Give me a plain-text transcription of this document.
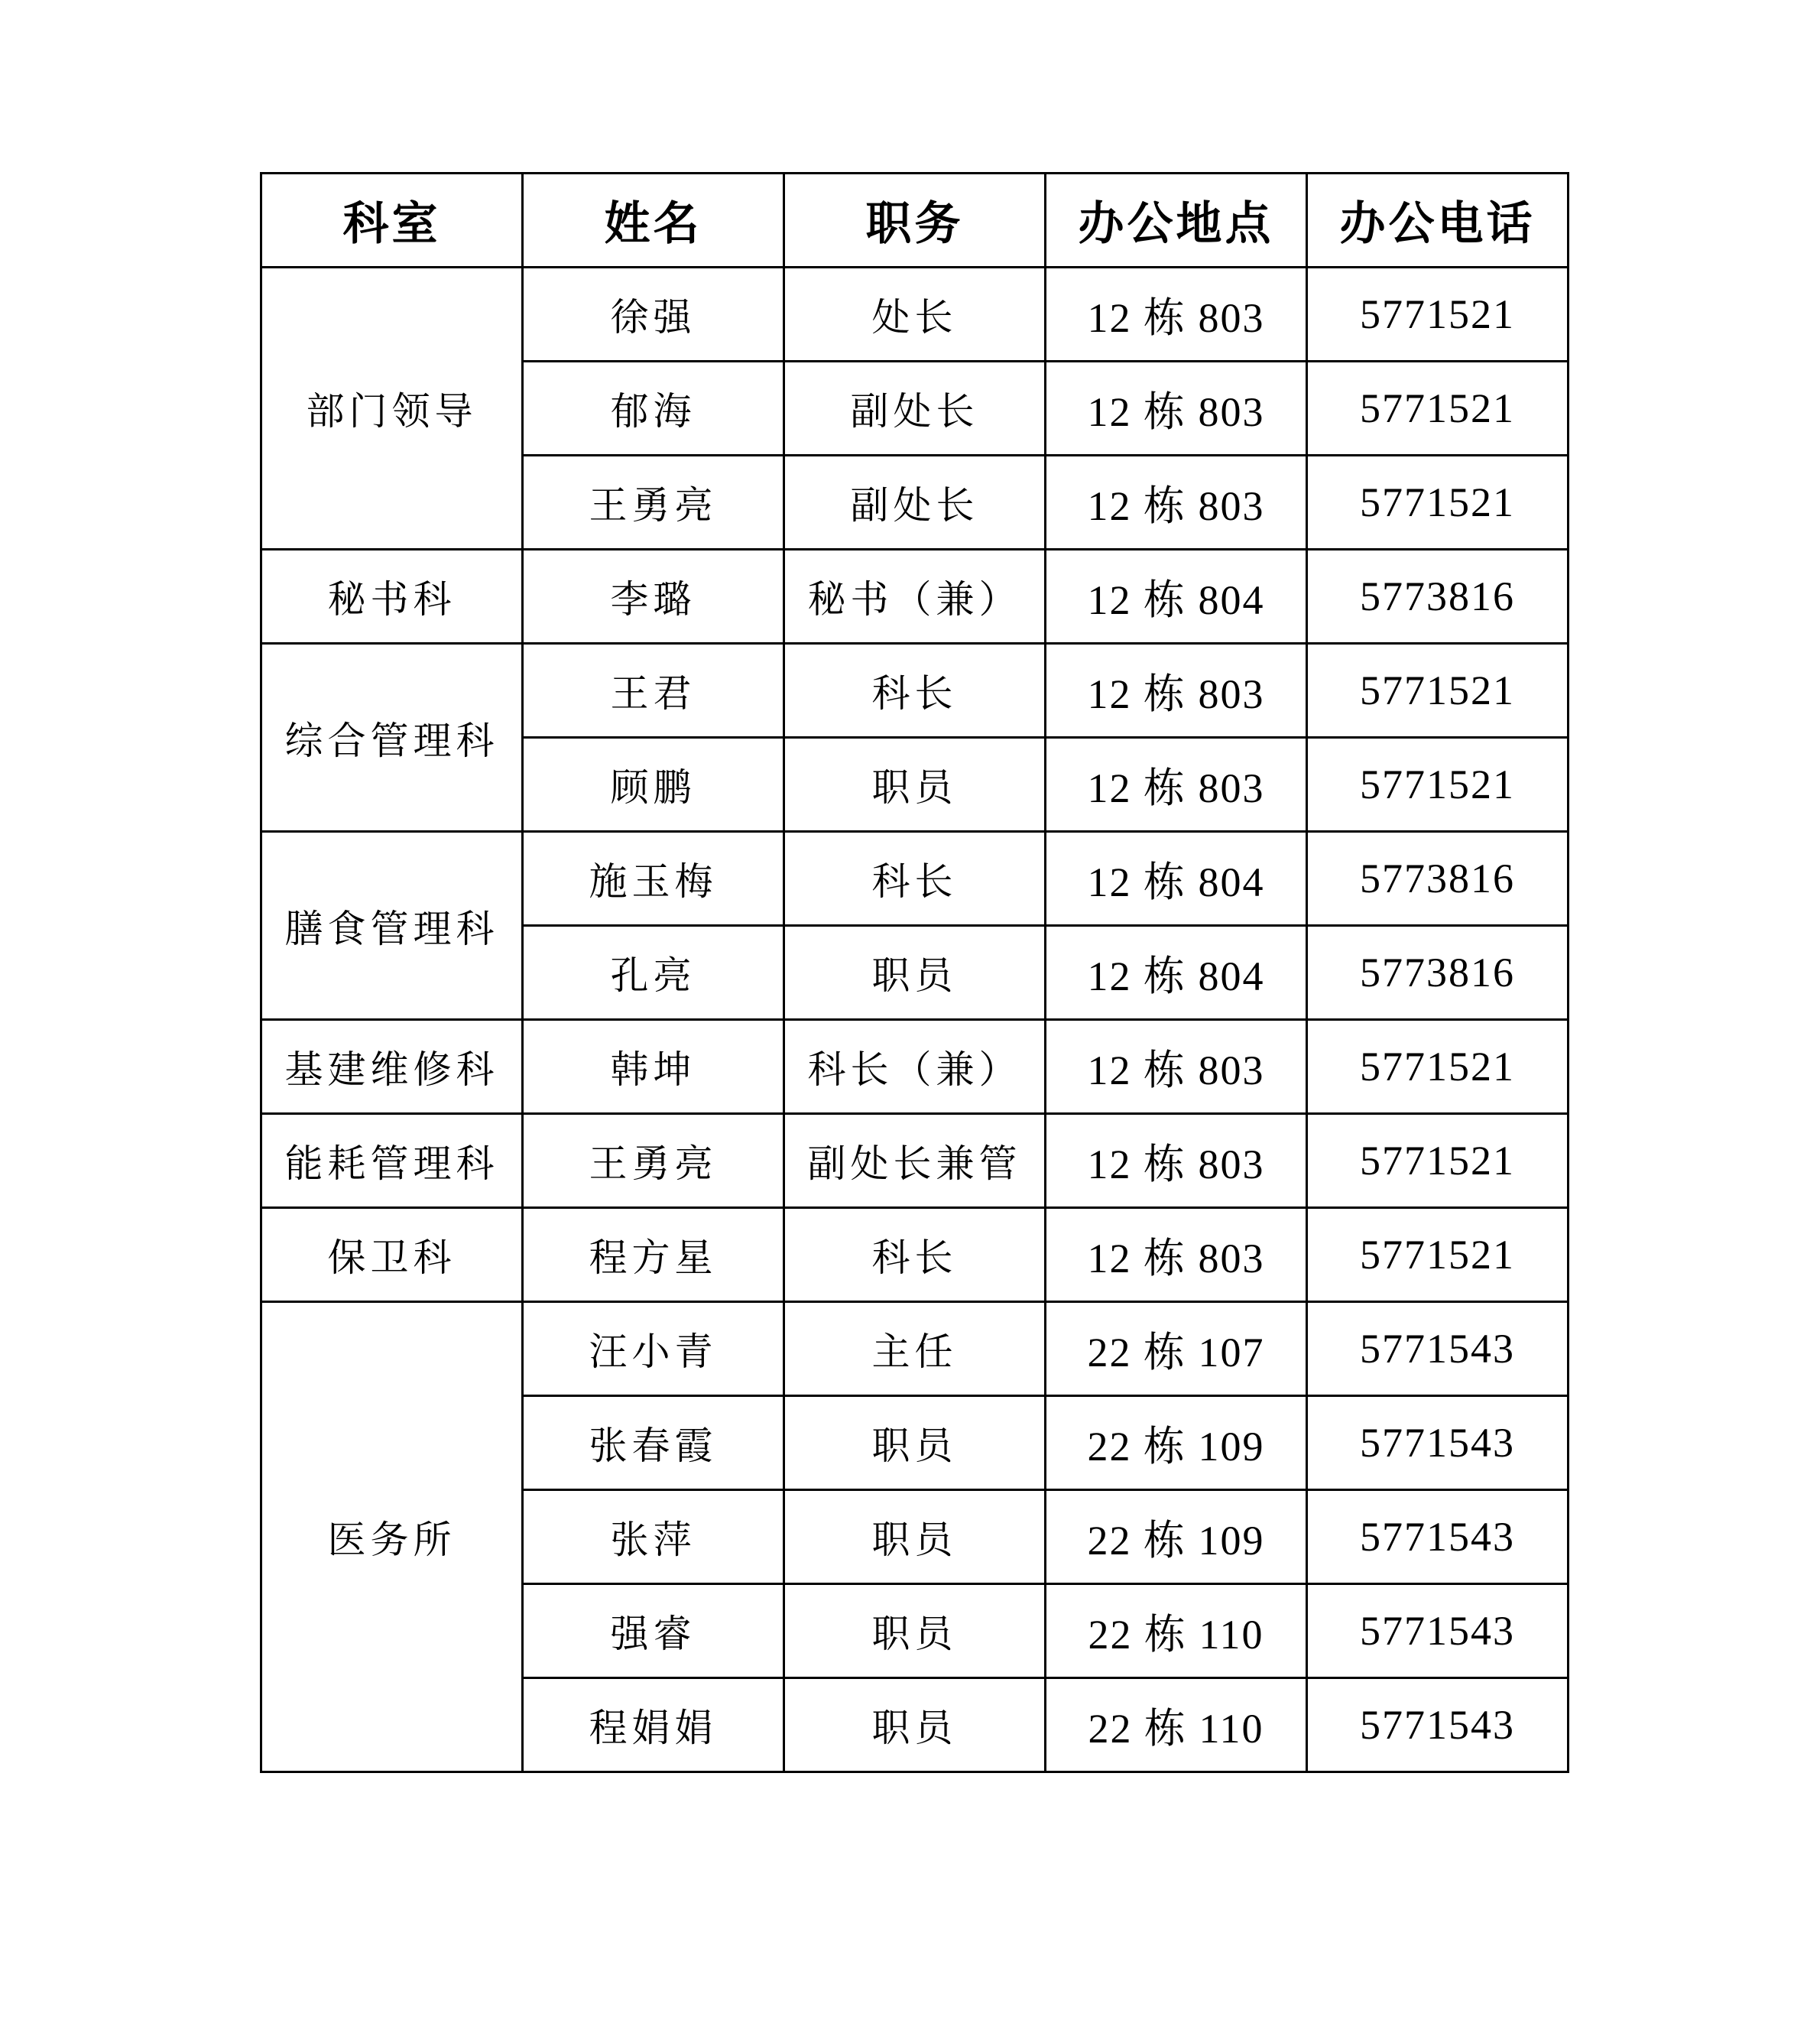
科室	姓名	职务	办公地点	办公电话
部门领导	徐强	处长	12 栋 803	5771521
	郁海	副处长	12 栋 803	5771521
	王勇亮	副处长	12 栋 803	5771521
秘书科	李璐	秘书（兼）	12 栋 804	5773816
综合管理科	王君	科长	12 栋 803	5771521
	顾鹏	职员	12 栋 803	5771521
膳食管理科	施玉梅	科长	12 栋 804	5773816
	孔亮	职员	12 栋 804	5773816
基建维修科	韩坤	科长（兼）	12 栋 803	5771521
能耗管理科	王勇亮	副处长兼管	12 栋 803	5771521
保卫科	程方星	科长	12 栋 803	5771521
医务所	汪小青	主任	22 栋 107	5771543
	张春霞	职员	22 栋 109	5771543
	张萍	职员	22 栋 109	5771543
	强睿	职员	22 栋 110	5771543
	程娟娟	职员	22 栋 110	5771543
